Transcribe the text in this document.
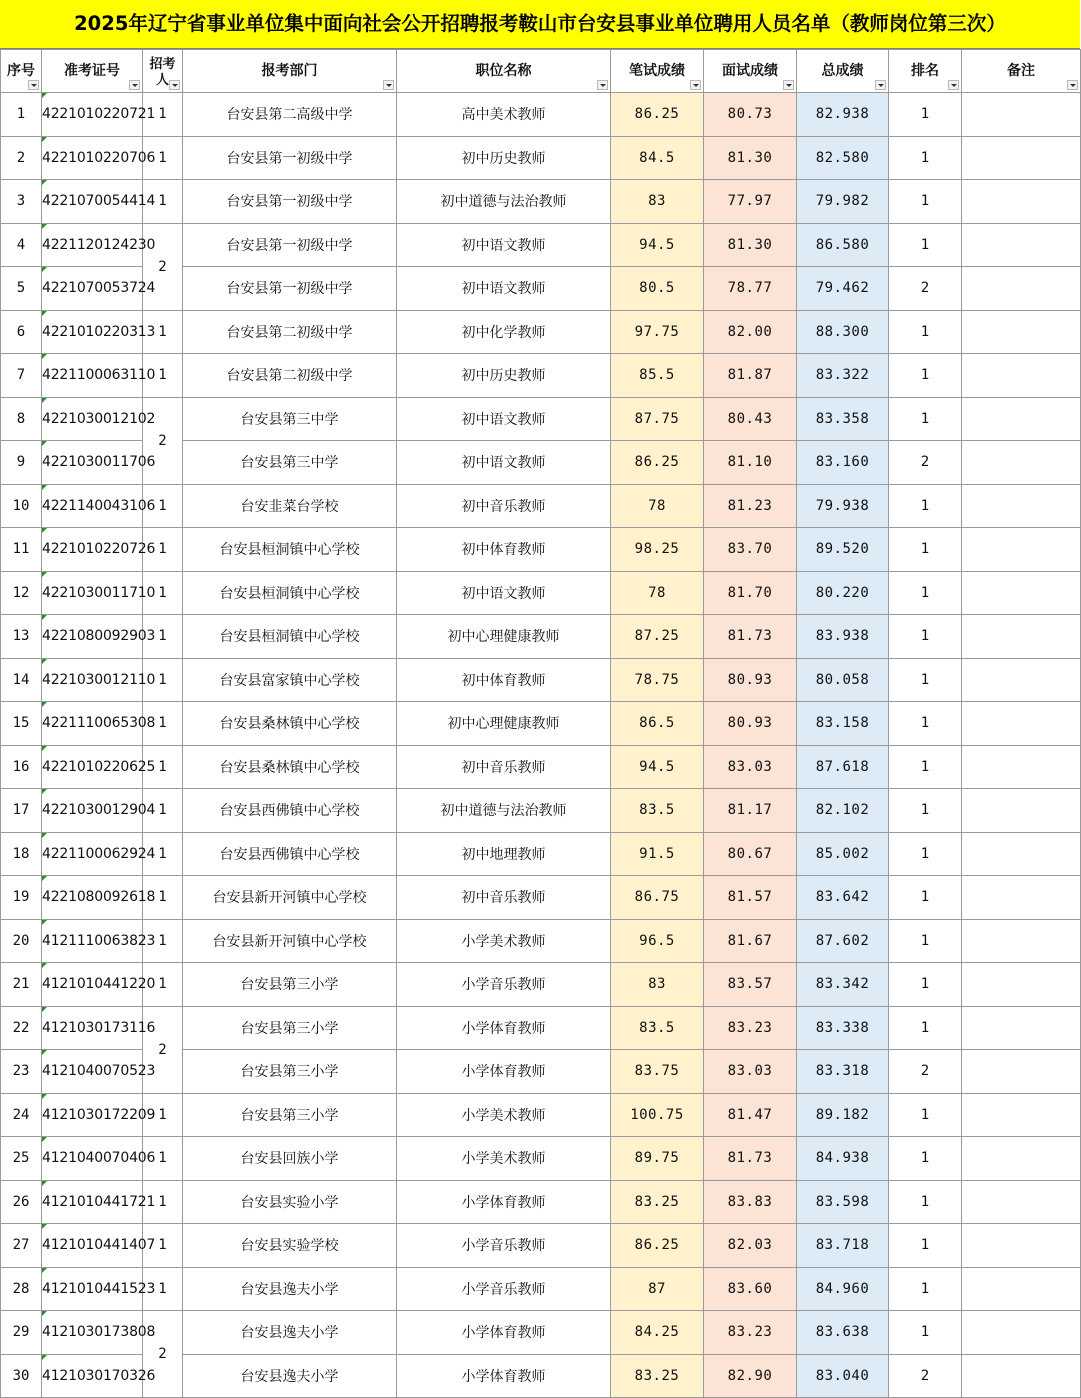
2025年辽宁省事业单位集中面向社会公开招聘报考鞍山市台安县事业单位聘用人员名单（教师岗位第三次）
序号	准考证号	招考
人	报考部门	职位名称	笔试成绩	面试成绩	总成绩	排名	备注

1	4221010220721	1	台安县第二高级中学	高中美术教师	86.25	80.73	82.938	1	
2	4221010220706	1	台安县第一初级中学	初中历史教师	84.5	81.30	82.580	1	
3	4221070054414	1	台安县第一初级中学	初中道德与法治教师	83	77.97	79.982	1	
4	4221120124230	2	台安县第一初级中学	初中语文教师	94.5	81.30	86.580	1	
5	4221070053724		台安县第一初级中学	初中语文教师	80.5	78.77	79.462	2	
6	4221010220313	1	台安县第二初级中学	初中化学教师	97.75	82.00	88.300	1	
7	4221100063110	1	台安县第二初级中学	初中历史教师	85.5	81.87	83.322	1	
8	4221030012102	2	台安县第三中学	初中语文教师	87.75	80.43	83.358	1	
9	4221030011706		台安县第三中学	初中语文教师	86.25	81.10	83.160	2	
10	4221140043106	1	台安韭菜台学校	初中音乐教师	78	81.23	79.938	1	
11	4221010220726	1	台安县桓洞镇中心学校	初中体育教师	98.25	83.70	89.520	1	
12	4221030011710	1	台安县桓洞镇中心学校	初中语文教师	78	81.70	80.220	1	
13	4221080092903	1	台安县桓洞镇中心学校	初中心理健康教师	87.25	81.73	83.938	1	
14	4221030012110	1	台安县富家镇中心学校	初中体育教师	78.75	80.93	80.058	1	
15	4221110065308	1	台安县桑林镇中心学校	初中心理健康教师	86.5	80.93	83.158	1	
16	4221010220625	1	台安县桑林镇中心学校	初中音乐教师	94.5	83.03	87.618	1	
17	4221030012904	1	台安县西佛镇中心学校	初中道德与法治教师	83.5	81.17	82.102	1	
18	4221100062924	1	台安县西佛镇中心学校	初中地理教师	91.5	80.67	85.002	1	
19	4221080092618	1	台安县新开河镇中心学校	初中音乐教师	86.75	81.57	83.642	1	
20	4121110063823	1	台安县新开河镇中心学校	小学美术教师	96.5	81.67	87.602	1	
21	4121010441220	1	台安县第三小学	小学音乐教师	83	83.57	83.342	1	
22	4121030173116	2	台安县第三小学	小学体育教师	83.5	83.23	83.338	1	
23	4121040070523		台安县第三小学	小学体育教师	83.75	83.03	83.318	2	
24	4121030172209	1	台安县第三小学	小学美术教师	100.75	81.47	89.182	1	
25	4121040070406	1	台安县回族小学	小学美术教师	89.75	81.73	84.938	1	
26	4121010441721	1	台安县实验小学	小学体育教师	83.25	83.83	83.598	1	
27	4121010441407	1	台安县实验学校	小学音乐教师	86.25	82.03	83.718	1	
28	4121010441523	1	台安县逸夫小学	小学音乐教师	87	83.60	84.960	1	
29	4121030173808	2	台安县逸夫小学	小学体育教师	84.25	83.23	83.638	1	
30	4121030170326		台安县逸夫小学	小学体育教师	83.25	82.90	83.040	2	
